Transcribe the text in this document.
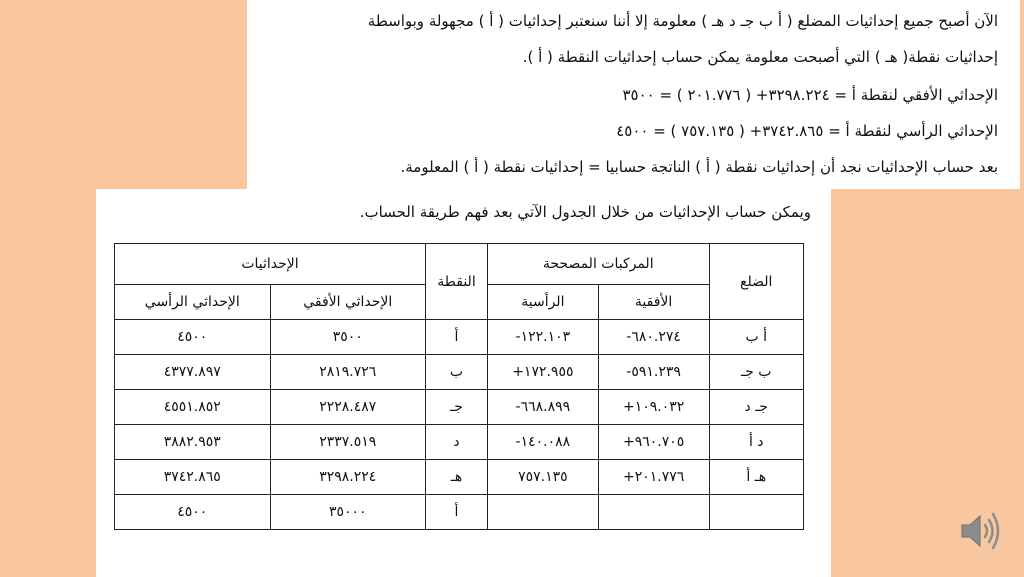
الآن أصبح جميع إحداثيات المضلع ( أ ب جـ د هـ ) معلومة إلا أننا سنعتبر إحداثيات ( أ ) مجهولة وبواسطة
إحداثيات نقطة( هـ ) التي أصبحت معلومة يمكن حساب إحداثيات النقطة ( أ ).
الإحداثي الأفقي لنقطة أ = ٣٢٩٨.٢٢٤+ ( ٢٠١.٧٧٦ ) = ٣٥٠٠
الإحداثي الرأسي لنقطة أ = ٣٧٤٢.٨٦٥+ ( ٧٥٧.١٣٥ ) = ٤٥٠٠
بعد حساب الإحداثيات نجد أن إحداثيات نقطة ( أ ) الناتجة حسابيا = إحداثيات نقطة ( أ ) المعلومة.
ويمكن حساب الإحداثيات من خلال الجدول الآتي بعد فهم طريقة الحساب.
الضلع	المركبات المصححة		النقطة	الإحداثيات	
	الأفقية	الرأسية		الإحداثي الأفقي	الإحداثي الرأسي
أ ب	٦٨٠.٢٧٤-	١٢٢.١٠٣-	أ	٣٥٠٠	٤٥٠٠
ب جـ	٥٩١.٢٣٩-	١٧٢.٩٥٥+	ب	٢٨١٩.٧٢٦	٤٣٧٧.٨٩٧
جـ د	١٠٩.٠٣٢+	٦٦٨.٨٩٩-	جـ	٢٢٢٨.٤٨٧	٤٥٥١.٨٥٢
د أ	٩٦٠.٧٠٥+	١٤٠.٠٨٨-	د	٢٣٣٧.٥١٩	٣٨٨٢.٩٥٣
هـ أ	٢٠١.٧٧٦+	٧٥٧.١٣٥	هـ	٣٢٩٨.٢٢٤	٣٧٤٢.٨٦٥
			أ	٣٥٠٠٠	٤٥٠٠
